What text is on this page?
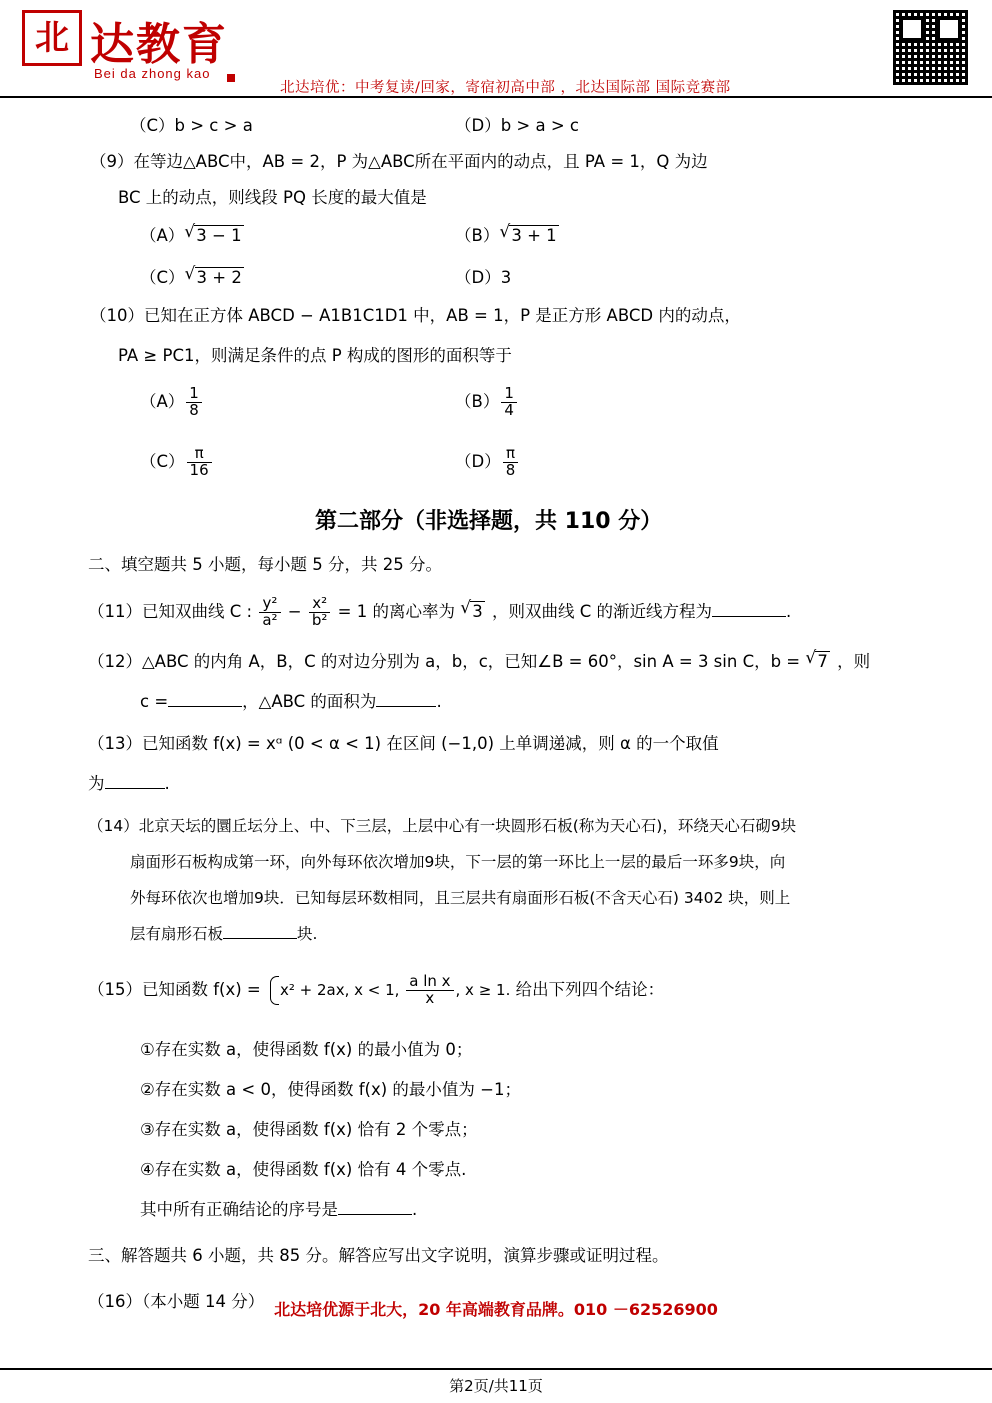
北 达教育
Bei da zhong kao
北达培优：中考复读/回家，寄宿初高中部 ，北达国际部 国际竞赛部
（C）b > c > a	（D）b > a > c
（9）在等边△ABC中，AB = 2，P 为△ABC所在平面内的动点，且 PA = 1，Q 为边
BC 上的动点，则线段 PQ 长度的最大值是
（A） √ 3 − 1	（B） √ 3 + 1
（C） √ 3 + 2	（D）3
（10）已知在正方体 ABCD − A1B1C1D1 中，AB = 1，P 是正方形 ABCD 内的动点，
PA ≥ PC1，则满足条件的点 P 构成的图形的面积等于
$(A) \frac{1}{8}$	$(B) \frac{1}{4}$
$(C) \frac{\pi}{16}$	$(D) \frac{\pi}{8}$
第二部分（非选择题，共 110 分）
二、填空题共 5 小题，每小题 5 分，共 25 分。
（11）已知双曲线 C : $\frac{\text{y²}}{\text{a²}} - \frac{\text{x²}}{\text{b²}} = 1$ 的离心率为 √ 3 ，则双曲线 C 的渐近线方程为	.
（12）△ABC 的内角 A，B，C 的对边分别为 a，b，c，已知∠B = 60°，sin A = 3 sin C，b = √ 7 ，则
c =	，△ABC 的面积为	.
（13）已知函数 f(x) = xᵅ (0 < α < 1) 在区间 (−1,0) 上单调递减，则 α 的一个取值
为	.
（14）北京天坛的圜丘坛分上、中、下三层，上层中心有一块圆形石板(称为天心石)，环绕天心石砌9块
扇面形石板构成第一环，向外每环依次增加9块，下一层的第一环比上一层的最后一环多9块，向
外每环依次也增加9块．已知每层环数相同，且三层共有扇面形石板(不含天心石) 3402 块，则上
层有扇形石板	块.
（15）已知函数 f(x) = x² + 2ax, x < 1, $\frac{\text{a ln x}}{x}$ , x ≥ 1. 给出下列四个结论：
①存在实数 a，使得函数 f(x) 的最小值为 0；
②存在实数 a < 0，使得函数 f(x) 的最小值为 −1；
③存在实数 a，使得函数 f(x) 恰有 2 个零点；
④存在实数 a，使得函数 f(x) 恰有 4 个零点.
其中所有正确结论的序号是	.
三、解答题共 6 小题，共 85 分。解答应写出文字说明，演算步骤或证明过程。
（16）（本小题 14 分） 北达培优源于北大，20 年高端教育品牌。010 －62526900
第2页/共11页
